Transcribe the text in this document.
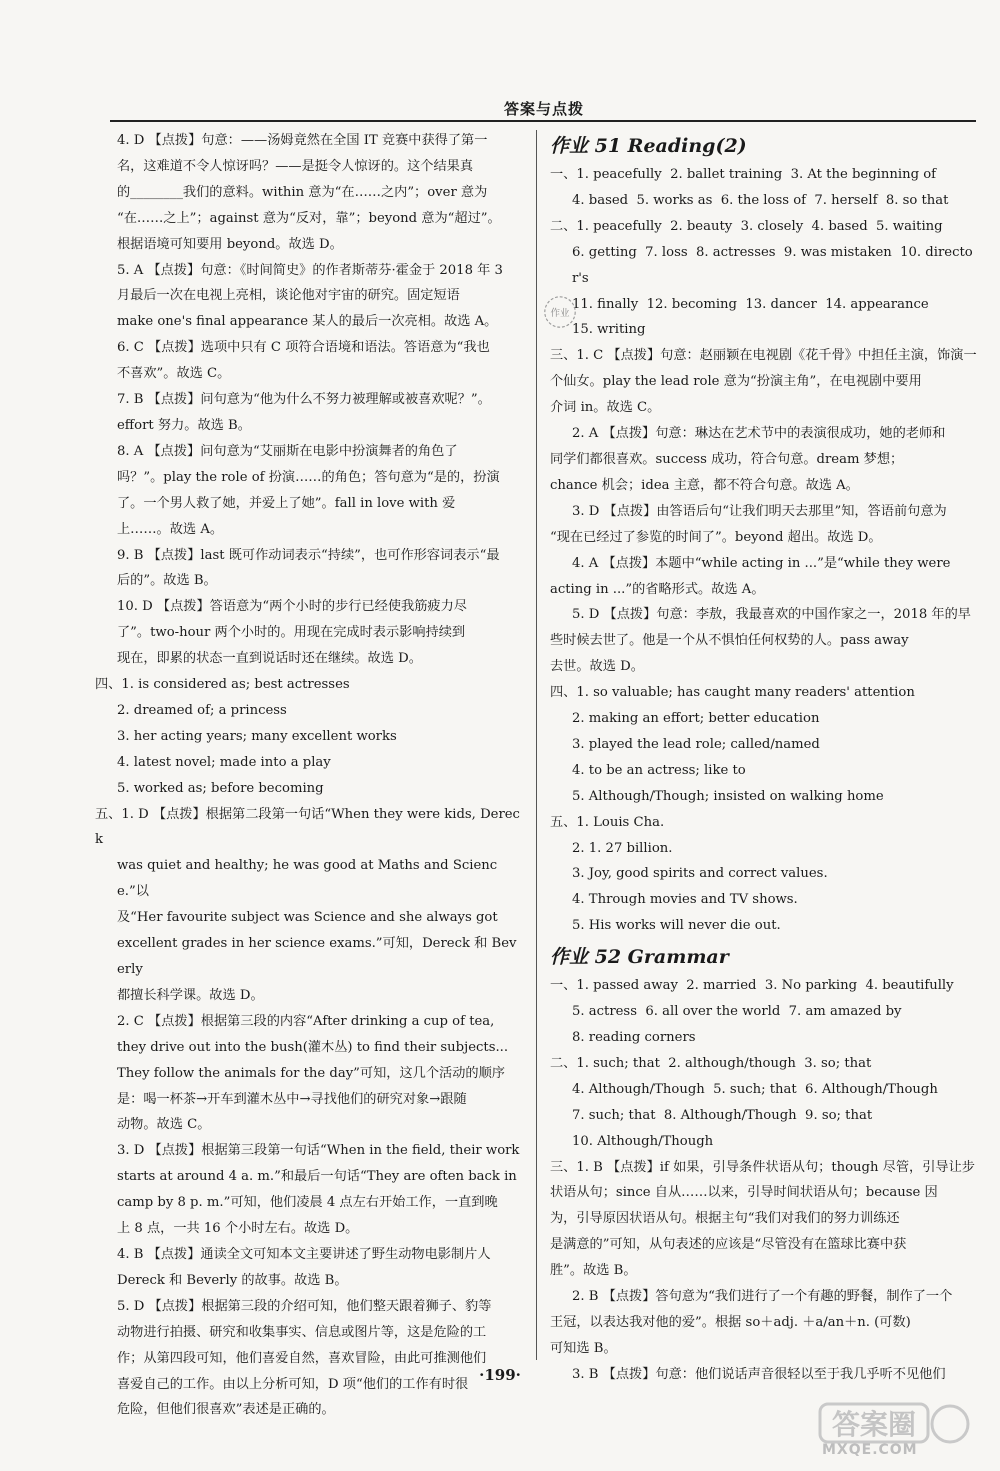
答案与点拨

4. D 【点拨】句意：——汤姆竟然在全国 IT 竞赛中获得了第一

名，这难道不令人惊讶吗？——是挺令人惊讶的。这个结果真

的________我们的意料。within 意为“在……之内”；over 意为

“在……之上”；against 意为“反对，靠”；beyond 意为“超过”。

根据语境可知要用 beyond。故选 D。

5. A 【点拨】句意：《时间简史》的作者斯蒂芬·霍金于 2018 年 3

月最后一次在电视上亮相，谈论他对宇宙的研究。固定短语

make one's final appearance 某人的最后一次亮相。故选 A。

6. C 【点拨】选项中只有 C 项符合语境和语法。答语意为“我也

不喜欢”。故选 C。

7. B 【点拨】问句意为“他为什么不努力被理解或被喜欢呢？”。

effort 努力。故选 B。

8. A 【点拨】问句意为“艾丽斯在电影中扮演舞者的角色了

吗？”。play the role of 扮演……的角色；答句意为“是的，扮演

了。一个男人救了她，并爱上了她”。fall in love with 爱

上……。故选 A。

9. B 【点拨】last 既可作动词表示“持续”，也可作形容词表示“最

后的”。故选 B。

10. D 【点拨】答语意为“两个小时的步行已经使我筋疲力尽

了”。two-hour 两个小时的。用现在完成时表示影响持续到

现在，即累的状态一直到说话时还在继续。故选 D。

四、1. is considered as; best actresses

2. dreamed of; a princess

3. her acting years; many excellent works

4. latest novel; made into a play

5. worked as; before becoming

五、1. D 【点拨】根据第二段第一句话“When they were kids, Dereck

was quiet and healthy; he was good at Maths and Science.”以

及“Her favourite subject was Science and she always got

excellent grades in her science exams.”可知，Dereck 和 Beverly

都擅长科学课。故选 D。

2. C 【点拨】根据第三段的内容“After drinking a cup of tea,

they drive out into the bush(灌木丛) to find their subjects...

They follow the animals for the day”可知，这几个活动的顺序

是：喝一杯茶→开车到灌木丛中→寻找他们的研究对象→跟随

动物。故选 C。

3. D 【点拨】根据第三段第一句话“When in the field, their work

starts at around 4 a. m.”和最后一句话“They are often back in

camp by 8 p. m.”可知，他们凌晨 4 点左右开始工作，一直到晚

上 8 点，一共 16 个小时左右。故选 D。

4. B 【点拨】通读全文可知本文主要讲述了野生动物电影制片人

Dereck 和 Beverly 的故事。故选 B。

5. D 【点拨】根据第三段的介绍可知，他们整天跟着狮子、豹等

动物进行拍摄、研究和收集事实、信息或图片等，这是危险的工

作；从第四段可知，他们喜爱自然，喜欢冒险，由此可推测他们

喜爱自己的工作。由以上分析可知，D 项“他们的工作有时很

危险，但他们很喜欢”表述是正确的。

作业 51 Reading(2)

一、1. peacefully  2. ballet training  3. At the beginning of

4. based  5. works as  6. the loss of  7. herself  8. so that

二、1. peacefully  2. beauty  3. closely  4. based  5. waiting

6. getting  7. loss  8. actresses  9. was mistaken  10. director's

11. finally  12. becoming  13. dancer  14. appearance

15. writing

三、1. C 【点拨】句意：赵丽颖在电视剧《花千骨》中担任主演，饰演一

个仙女。play the lead role 意为“扮演主角”，在电视剧中要用

介词 in。故选 C。

2. A 【点拨】句意：琳达在艺术节中的表演很成功，她的老师和

同学们都很喜欢。success 成功，符合句意。dream 梦想；

chance 机会；idea 主意，都不符合句意。故选 A。

3. D 【点拨】由答语后句“让我们明天去那里”知，答语前句意为

“现在已经过了参览的时间了”。beyond 超出。故选 D。

4. A 【点拨】本题中“while acting in ...”是“while they were

acting in ...”的省略形式。故选 A。

5. D 【点拨】句意：李敖，我最喜欢的中国作家之一，2018 年的早

些时候去世了。他是一个从不惧怕任何权势的人。pass away

去世。故选 D。

四、1. so valuable; has caught many readers' attention

2. making an effort; better education

3. played the lead role; called/named

4. to be an actress; like to

5. Although/Though; insisted on walking home

五、1. Louis Cha.

2. 1. 27 billion.

3. Joy, good spirits and correct values.

4. Through movies and TV shows.

5. His works will never die out.

作业 52 Grammar

一、1. passed away  2. married  3. No parking  4. beautifully

5. actress  6. all over the world  7. am amazed by

8. reading corners

二、1. such; that  2. although/though  3. so; that

4. Although/Though  5. such; that  6. Although/Though

7. such; that  8. Although/Though  9. so; that

10. Although/Though

三、1. B 【点拨】if 如果，引导条件状语从句；though 尽管，引导让步

状语从句；since 自从……以来，引导时间状语从句；because 因

为，引导原因状语从句。根据主句“我们对我们的努力训练还

是满意的”可知，从句表述的应该是“尽管没有在篮球比赛中获

胜”。故选 B。

2. B 【点拨】答句意为“我们进行了一个有趣的野餐，制作了一个

王冠，以表达我对他的爱”。根据 so＋adj. ＋a/an＋n. (可数)

可知选 B。

3. B 【点拨】句意：他们说话声音很轻以至于我几乎听不见他们

·199·
作业
答案圈
MXQE.COM
